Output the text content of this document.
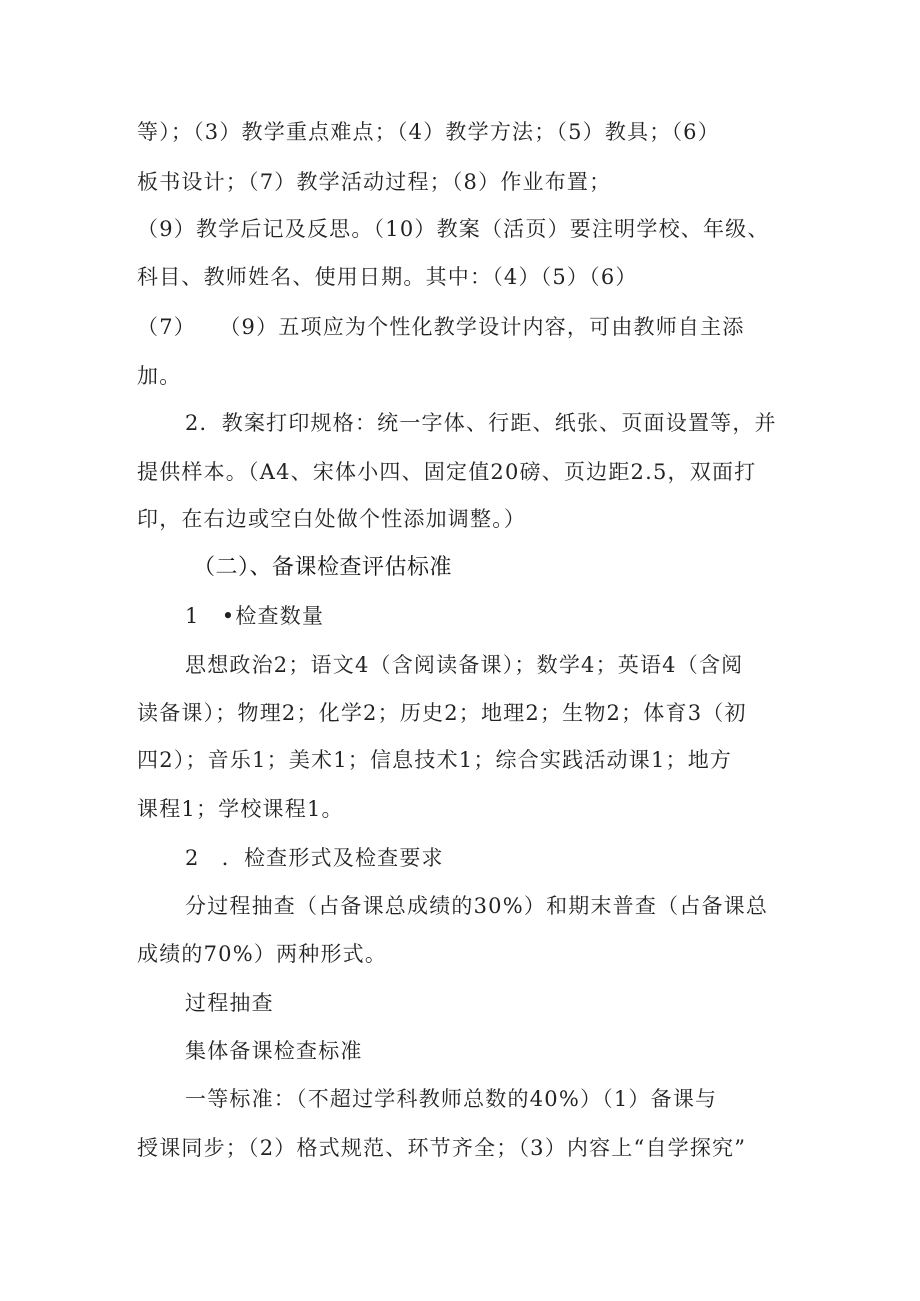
等）；（3）教学重点难点；（4）教学方法；（5）教具；（6）

板书设计；（7）教学活动过程；（8）作业布置；

（9）教学后记及反思。（10）教案（活页）要注明学校、年级、

科目、教师姓名、使用日期。其中：（4）（5）（6）

（7）　　（9）五项应为个性化教学设计内容，可由教师自主添

加。

2．教案打印规格：统一字体、行距、纸张、页面设置等，并

提供样本。（A4、宋体小四、固定值20磅、页边距2.5，双面打

印，在右边或空白处做个性添加调整。）

（二）、备课检查评估标准

1　•检查数量

思想政治2；语文4（含阅读备课）；数学4；英语4（含阅

读备课）；物理2；化学2；历史2；地理2；生物2；体育3（初

四2）；音乐1；美术1；信息技术1；综合实践活动课1；地方

课程1；学校课程1。

2　．检查形式及检查要求

分过程抽查（占备课总成绩的30%）和期末普查（占备课总

成绩的70%）两种形式。

过程抽查

集体备课检查标准

一等标准：（不超过学科教师总数的40%）（1）备课与

授课同步；（2）格式规范、环节齐全；（3）内容上“自学探究”
